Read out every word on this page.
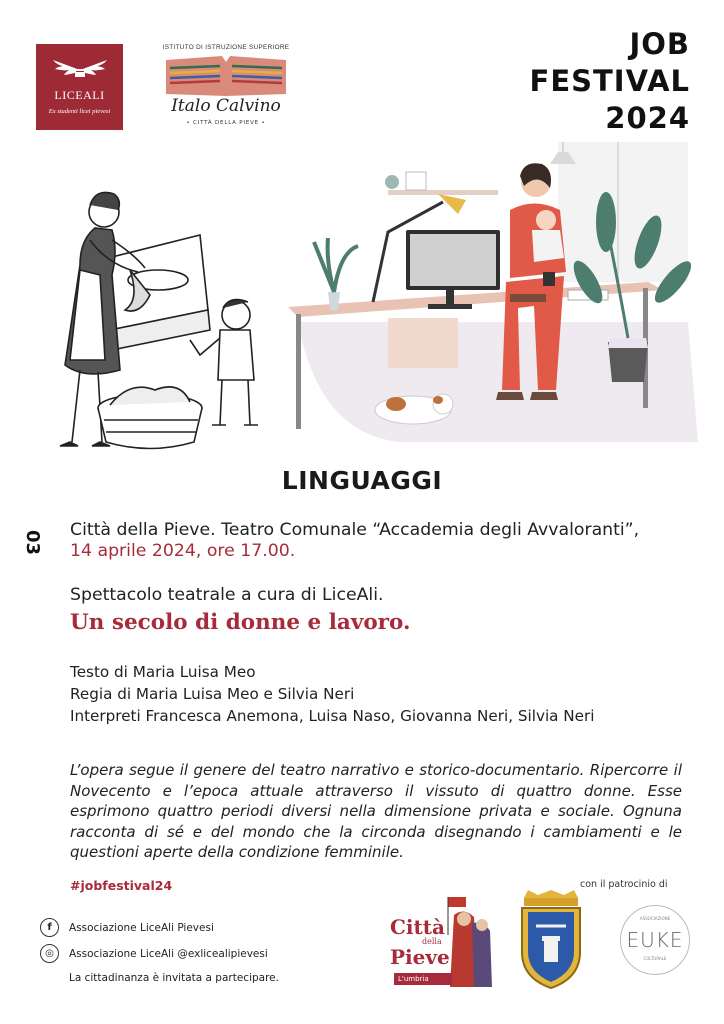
LICEALI
Ex studenti licei pievesi
ISTITUTO DI ISTRUZIONE SUPERIORE
Italo Calvino
• CITTÀ DELLA PIEVE •
JOB
FESTIVAL
2024
LINGUAGGI
03 Città della Pieve. Teatro Comunale “Accademia degli Avvaloranti”,
14 aprile 2024, ore 17.00.
Spettacolo teatrale a cura di LiceAli.
Un secolo di donne e lavoro.
Testo di Maria Luisa Meo
Regia di Maria Luisa Meo e Silvia Neri
Interpreti Francesca Anemona, Luisa Naso, Giovanna Neri, Silvia Neri
L’opera segue il genere del teatro narrativo e storico-documentario. Ripercorre il Novecento e l’epoca attuale attraverso il vissuto di quattro donne. Esse esprimono quattro periodi diversi nella dimensione privata e sociale. Ognuna racconta di sé e del mondo che la circonda disegnando i cambiamenti e le questioni aperte della condizione femminile.
#jobfestival24	con il patrocinio di
f	Associazione LiceAli Pievesi
◎	Associazione LiceAli @exlicealipievesi
La cittadinanza è invitata a partecipare.
Città
della
Pieve
L'umbria
ASSOCIAZIONE
EUKE
CULTURALE
